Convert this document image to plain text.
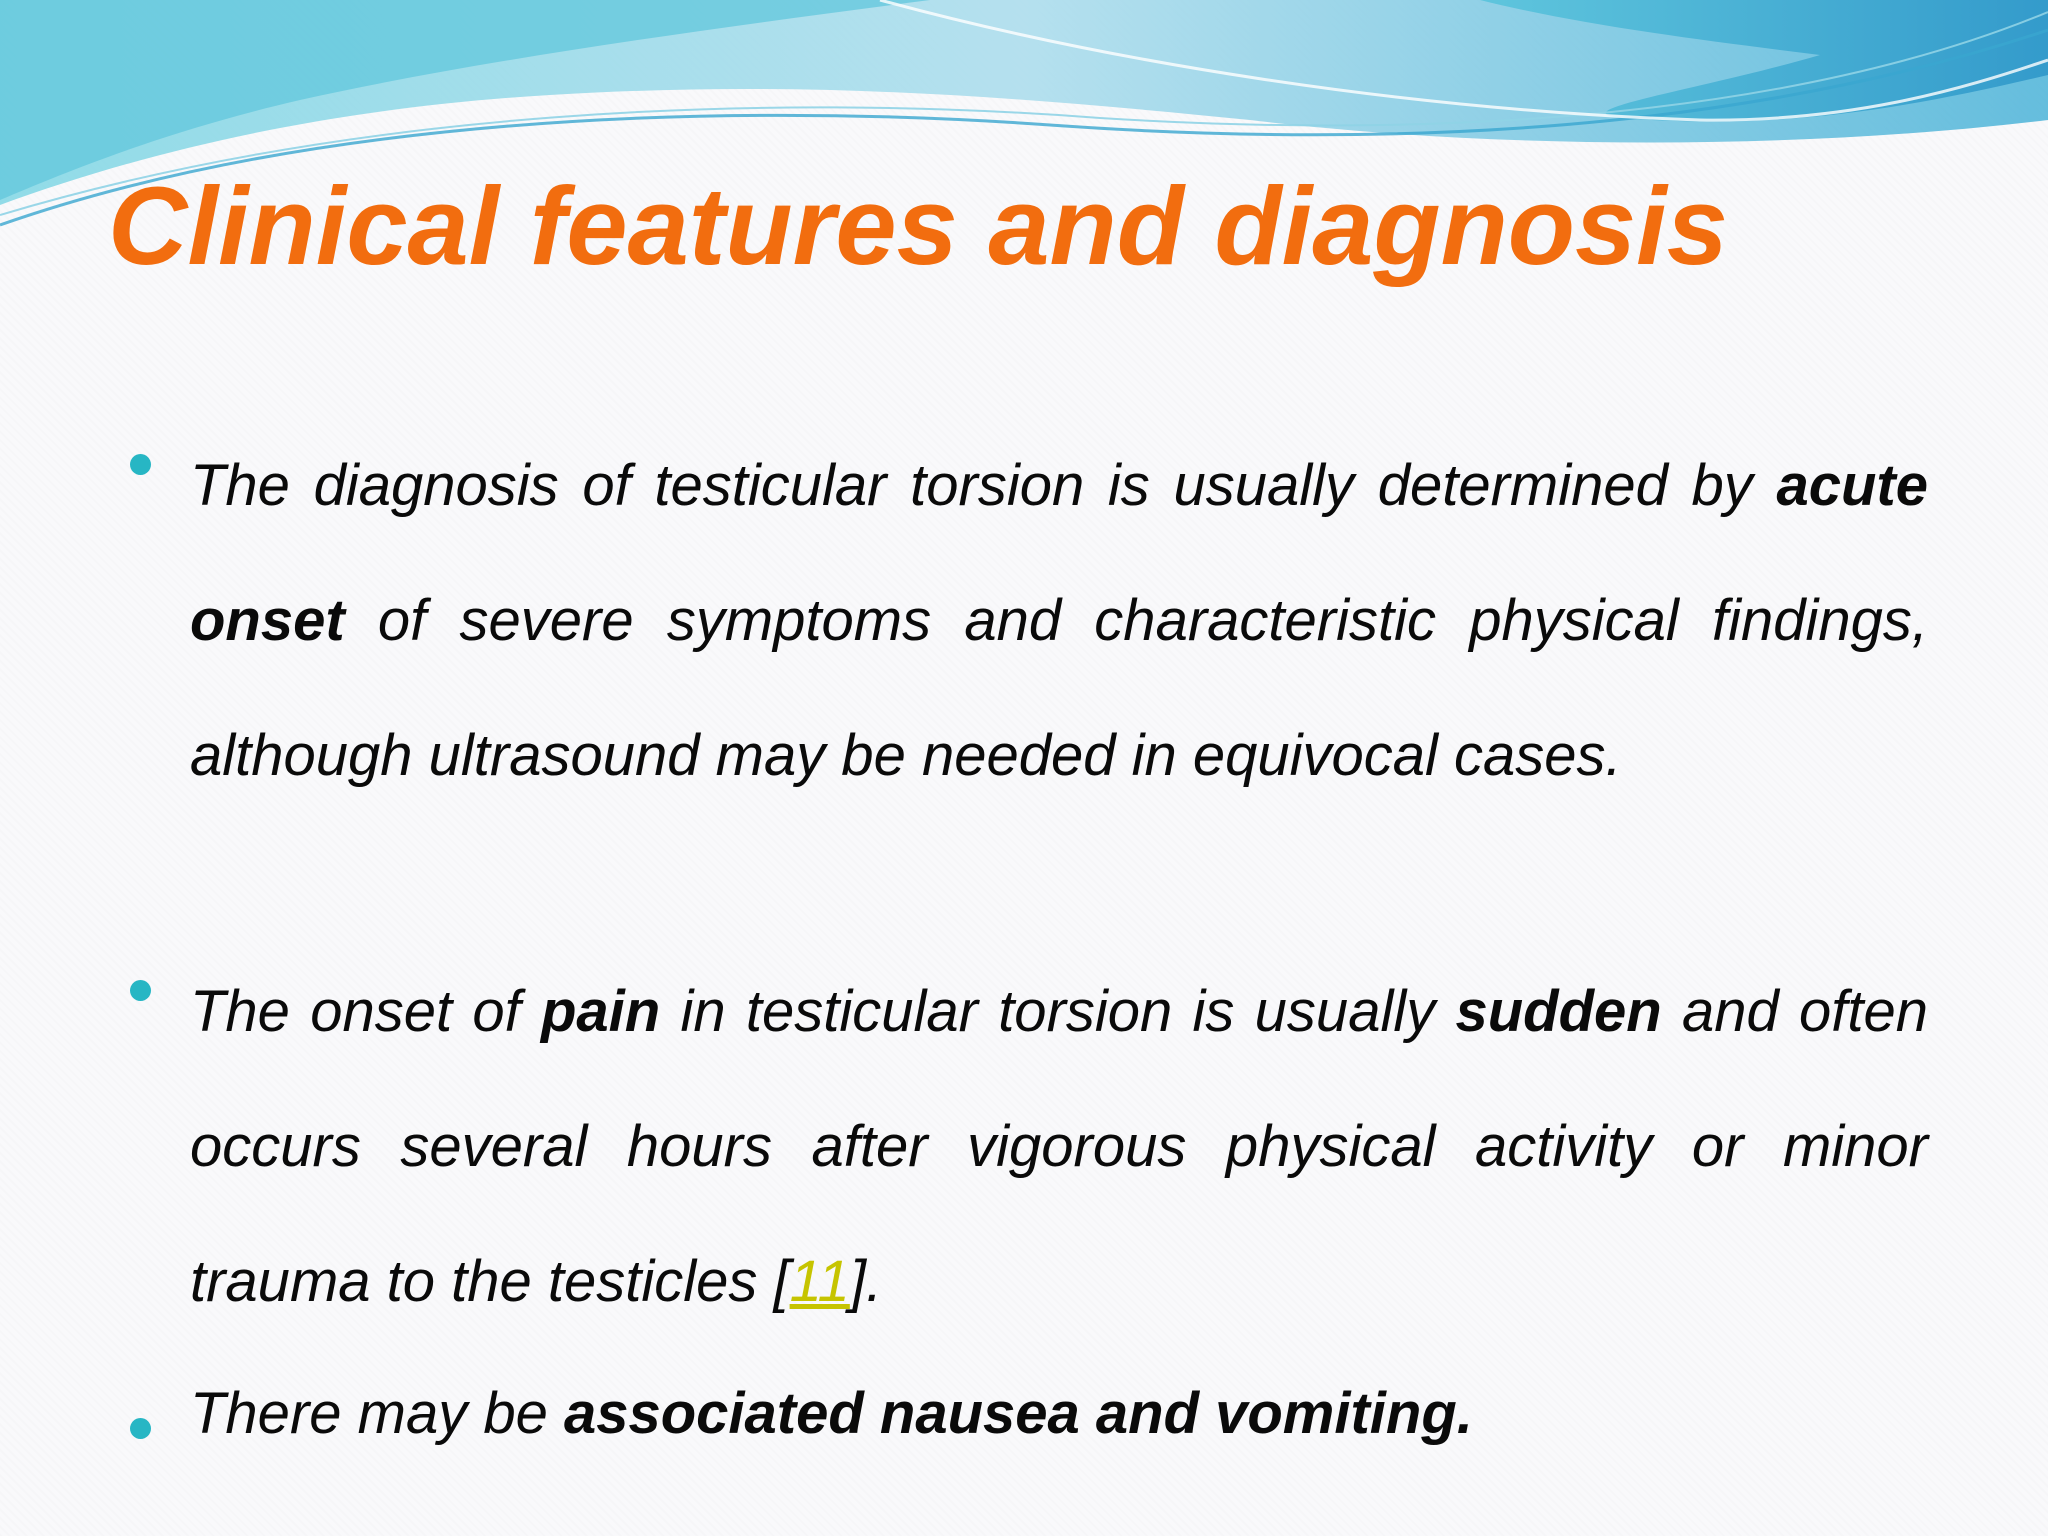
Clinical features and diagnosis

The diagnosis of testicular torsion is usually determined by acute onset of severe symptoms and characteristic physical findings, although ultrasound may be needed in equivocal cases.

The onset of pain in testicular torsion is usually sudden and often occurs several hours after vigorous physical activity or minor trauma to the testicles [11].

There may be associated nausea and vomiting.
